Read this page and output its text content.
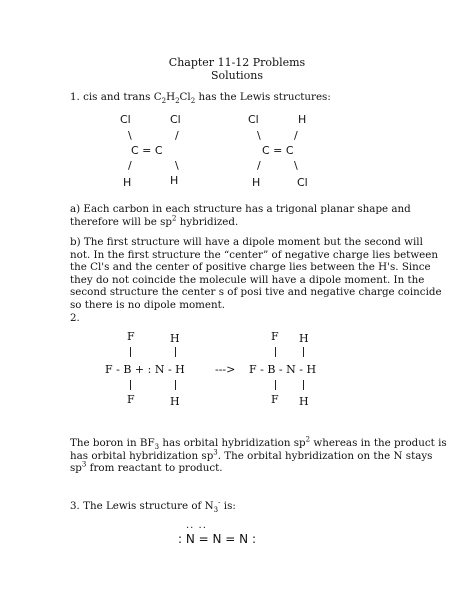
Chapter 11-12 Problems
Solutions
1. cis and trans $C_2H_2Cl_2$ has the Lewis structures:
Cl	Cl
\	/
C = C
/	\
H	H
Cl	H
\	/
C = C
/	\
H	Cl
a) Each carbon in each structure has a trigonal planar shape and
therefore will be $sp^2$ hybridized.
b) The first structure will have a dipole moment but the second will
not. In the first structure the “center” of negative charge lies between
the Cl's and the center of positive charge lies between the H's. Since
they do not coincide the molecule will have a dipole moment. In the
second structure the center s of posi tive and negative charge coincide
so there is no dipole moment.
2.
F	H
F - B + : N - H
F	H
--->
F H
F - B - N - H
F H
The boron in $BF_3$ has orbital hybridization $sp^2$ whereas in the product is
has orbital hybridization $sp^3$. The orbital hybridization on the N stays
$sp^3$ from reactant to product.
3. The Lewis structure of $N_3^-$ is:
.. ..
: N = N = N :
